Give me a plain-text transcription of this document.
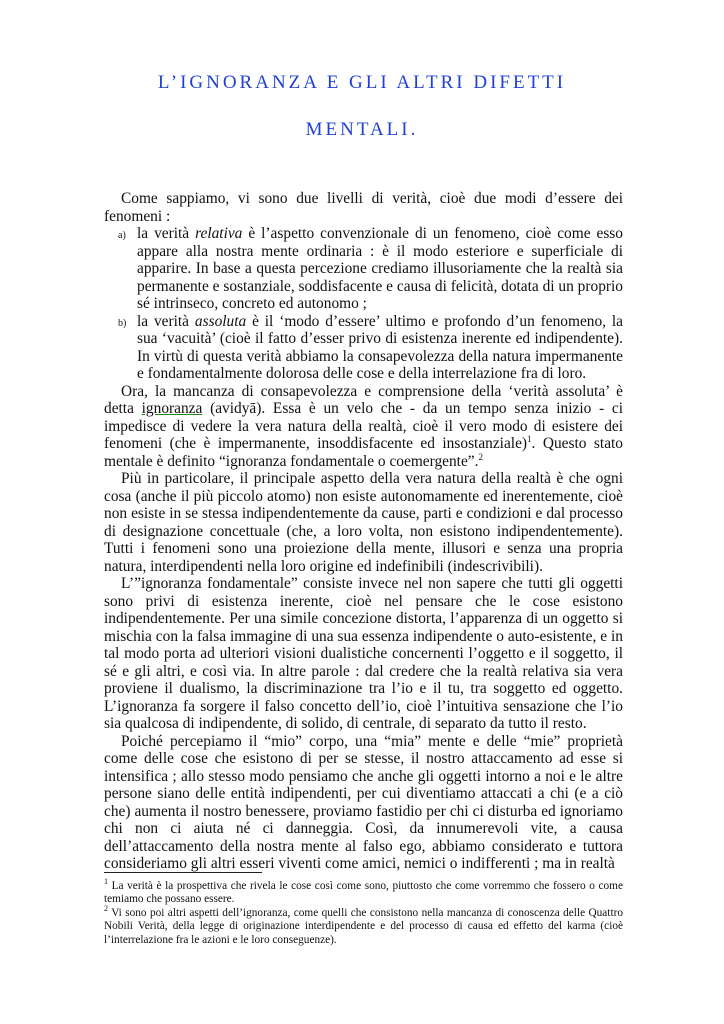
L’IGNORANZA E GLI ALTRI DIFETTI
MENTALI.

Come sappiamo, vi sono due livelli di verità, cioè due modi d’essere dei fenomeni :

a) la verità relativa è l’aspetto convenzionale di un fenomeno, cioè come esso appare alla nostra mente ordinaria : è il modo esteriore e superficiale di apparire. In base a questa percezione crediamo illusoriamente che la realtà sia permanente e sostanziale, soddisfacente e causa di felicità, dotata di un proprio sé intrinseco, concreto ed autonomo ;
b) la verità assoluta è il ‘modo d’essere’ ultimo e profondo d’un fenomeno, la sua ‘vacuità’ (cioè il fatto d’esser privo di esistenza inerente ed indipendente). In virtù di questa verità abbiamo la consapevolezza della natura impermanente e fondamentalmente dolorosa delle cose e della interrelazione fra di loro.

Ora, la mancanza di consapevolezza e comprensione della ‘verità assoluta’ è detta ignoranza (avidyā). Essa è un velo che - da un tempo senza inizio - ci impedisce di vedere la vera natura della realtà, cioè il vero modo di esistere dei fenomeni (che è impermanente, insoddisfacente ed insostanziale)$^1$. Questo stato mentale è definito “ignoranza fondamentale o coemergente”.$^2$

Più in particolare, il principale aspetto della vera natura della realtà è che ogni cosa (anche il più piccolo atomo) non esiste autonomamente ed inerentemente, cioè non esiste in se stessa indipendentemente da cause, parti e condizioni e dal processo di designazione concettuale (che, a loro volta, non esistono indipendentemente). Tutti i fenomeni sono una proiezione della mente, illusori e senza una propria natura, interdipendenti nella loro origine ed indefinibili (indescrivibili).

L’”ignoranza fondamentale” consiste invece nel non sapere che tutti gli oggetti sono privi di esistenza inerente, cioè nel pensare che le cose esistono indipendentemente. Per una simile concezione distorta, l’apparenza di un oggetto si mischia con la falsa immagine di una sua essenza indipendente o auto-esistente, e in tal modo porta ad ulteriori visioni dualistiche concernenti l’oggetto e il soggetto, il sé e gli altri, e così via. In altre parole : dal credere che la realtà relativa sia vera proviene il dualismo, la discriminazione tra l’io e il tu, tra soggetto ed oggetto. L’ignoranza fa sorgere il falso concetto dell’io, cioè l’intuitiva sensazione che l’io sia qualcosa di indipendente, di solido, di centrale, di separato da tutto il resto.

Poiché percepiamo il “mio” corpo, una “mia” mente e delle “mie” proprietà come delle cose che esistono di per se stesse, il nostro attaccamento ad esse si intensifica ; allo stesso modo pensiamo che anche gli oggetti intorno a noi e le altre persone siano delle entità indipendenti, per cui diventiamo attaccati a chi (e a ciò che) aumenta il nostro benessere, proviamo fastidio per chi ci disturba ed ignoriamo chi non ci aiuta né ci danneggia. Così, da innumerevoli vite, a causa dell’attaccamento della nostra mente al falso ego, abbiamo considerato e tuttora consideriamo gli altri esseri viventi come amici, nemici o indifferenti ; ma in realtà

$^1$ La verità è la prospettiva che rivela le cose così come sono, piuttosto che come vorremmo che fossero o come temiamo che possano essere.

$^2$ Vi sono poi altri aspetti dell’ignoranza, come quelli che consistono nella mancanza di conoscenza delle Quattro Nobili Verità, della legge di originazione interdipendente e del processo di causa ed effetto del karma (cioè l’interrelazione fra le azioni e le loro conseguenze).
